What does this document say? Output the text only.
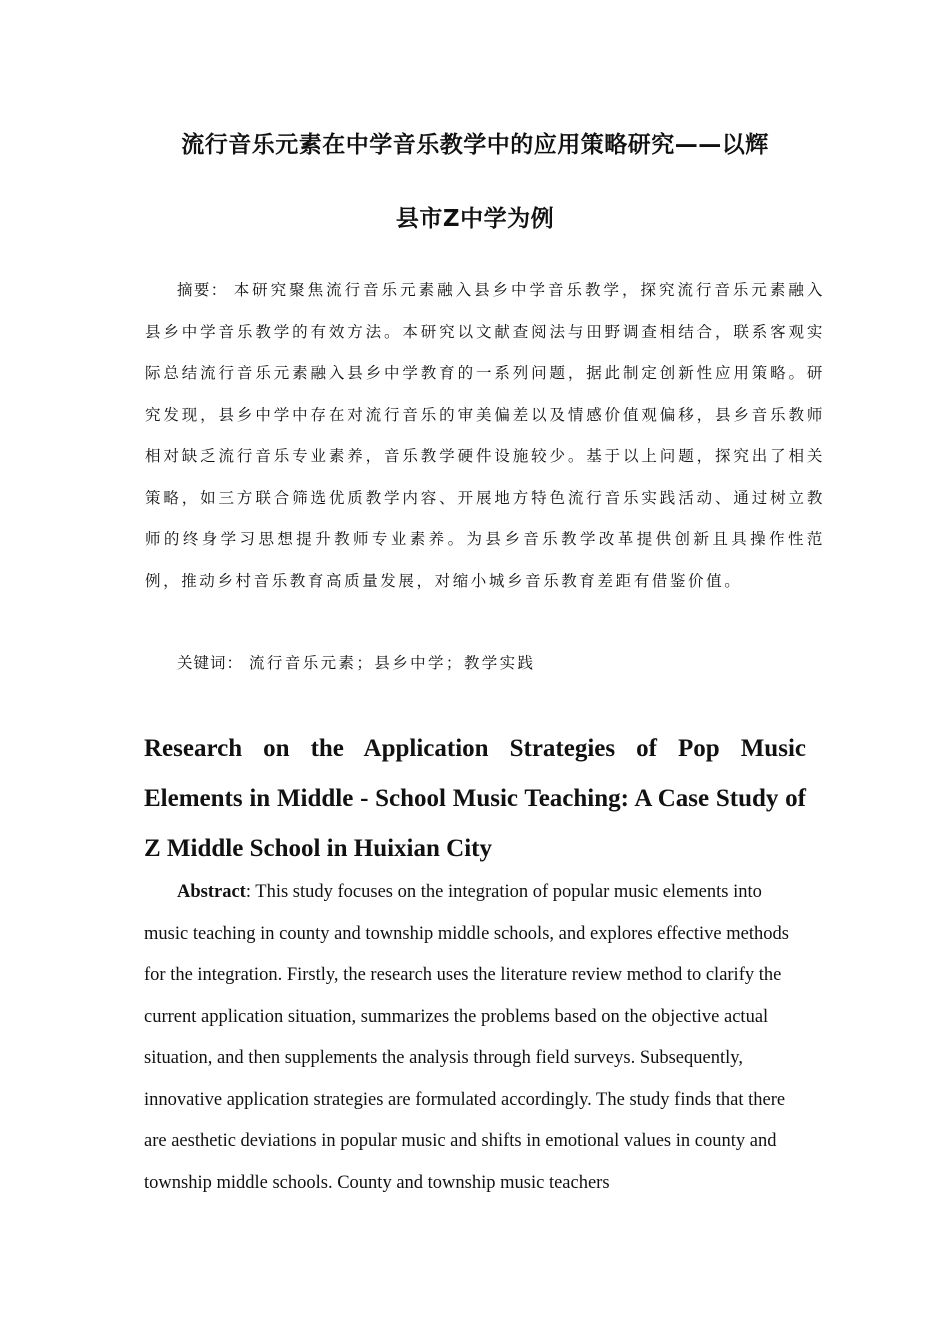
流行音乐元素在中学音乐教学中的应用策略研究——以辉
县市Z中学为例
摘要： 本研究聚焦流行音乐元素融入县乡中学音乐教学，探究流行音乐元素融入县乡中学音乐教学的有效方法。本研究以文献查阅法与田野调查相结合，联系客观实际总结流行音乐元素融入县乡中学教育的一系列问题，据此制定创新性应用策略。研究发现，县乡中学中存在对流行音乐的审美偏差以及情感价值观偏移，县乡音乐教师相对缺乏流行音乐专业素养，音乐教学硬件设施较少。基于以上问题，探究出了相关策略，如三方联合筛选优质教学内容、开展地方特色流行音乐实践活动、通过树立教师的终身学习思想提升教师专业素养。为县乡音乐教学改革提供创新且具操作性范例，推动乡村音乐教育高质量发展，对缩小城乡音乐教育差距有借鉴价值。
关键词： 流行音乐元素；县乡中学；教学实践
Research on the Application Strategies of Pop Music Elements in Middle - School Music Teaching: A Case Study of Z Middle School in Huixian City
Abstract: This study focuses on the integration of popular music elements into music teaching in county and township middle schools, and explores effective methods for the integration. Firstly, the research uses the literature review method to clarify the current application situation, summarizes the problems based on the objective actual situation, and then supplements the analysis through field surveys. Subsequently, innovative application strategies are formulated accordingly. The study finds that there are aesthetic deviations in popular music and shifts in emotional values in county and township middle schools. County and township music teachers
